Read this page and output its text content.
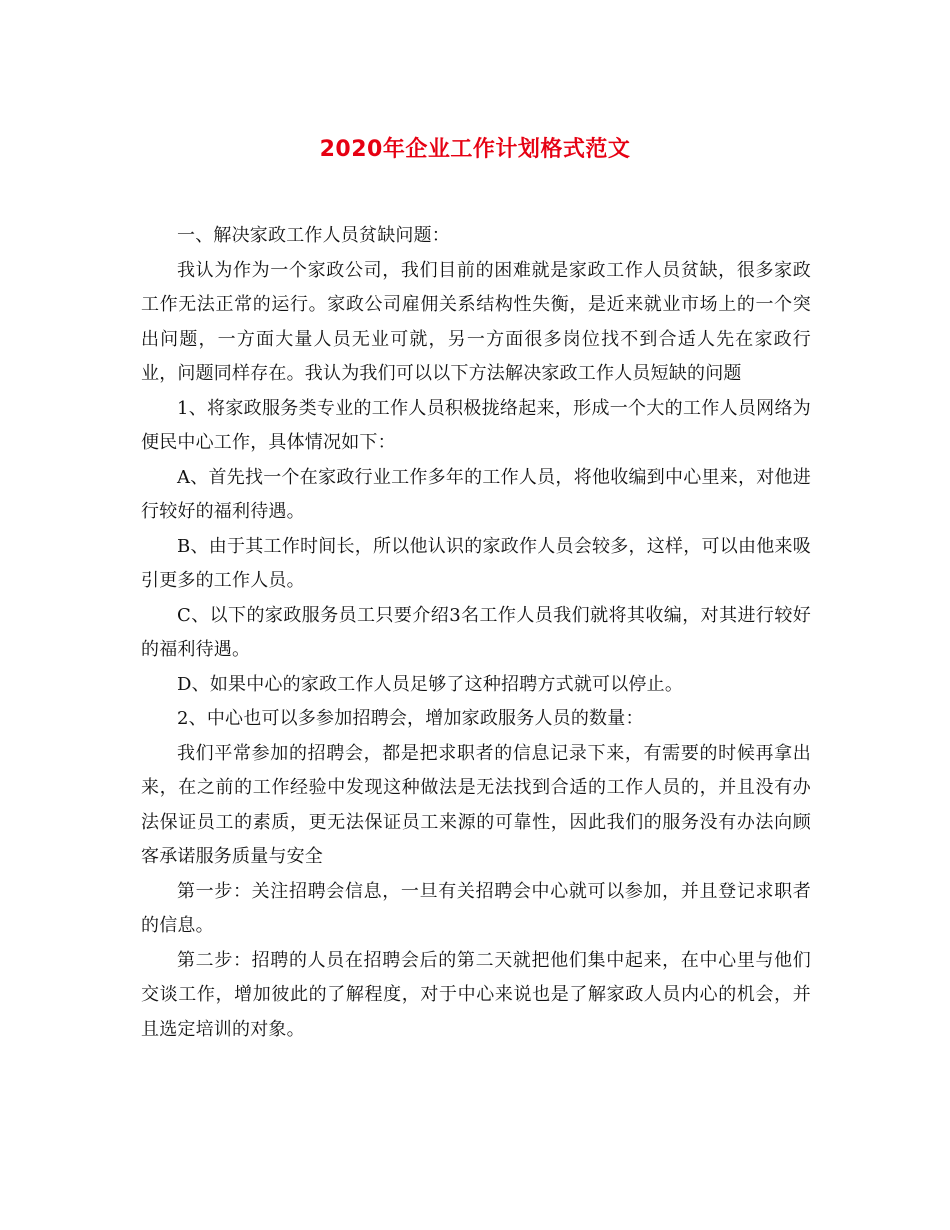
2020年企业工作计划格式范文

一、解决家政工作人员贫缺问题：

我认为作为一个家政公司，我们目前的困难就是家政工作人员贫缺，很多家政工作无法正常的运行。家政公司雇佣关系结构性失衡，是近来就业市场上的一个突出问题，一方面大量人员无业可就，另一方面很多岗位找不到合适人先在家政行业，问题同样存在。我认为我们可以以下方法解决家政工作人员短缺的问题

1、将家政服务类专业的工作人员积极拢络起来，形成一个大的工作人员网络为便民中心工作，具体情况如下：

A、首先找一个在家政行业工作多年的工作人员，将他收编到中心里来，对他进行较好的福利待遇。

B、由于其工作时间长，所以他认识的家政作人员会较多，这样，可以由他来吸引更多的工作人员。

C、以下的家政服务员工只要介绍3名工作人员我们就将其收编，对其进行较好的福利待遇。

D、如果中心的家政工作人员足够了这种招聘方式就可以停止。

2、中心也可以多参加招聘会，增加家政服务人员的数量：

我们平常参加的招聘会，都是把求职者的信息记录下来，有需要的时候再拿出来，在之前的工作经验中发现这种做法是无法找到合适的工作人员的，并且没有办法保证员工的素质，更无法保证员工来源的可靠性，因此我们的服务没有办法向顾客承诺服务质量与安全

第一步：关注招聘会信息，一旦有关招聘会中心就可以参加，并且登记求职者的信息。

第二步：招聘的人员在招聘会后的第二天就把他们集中起来，在中心里与他们交谈工作，增加彼此的了解程度，对于中心来说也是了解家政人员内心的机会，并且选定培训的对象。
